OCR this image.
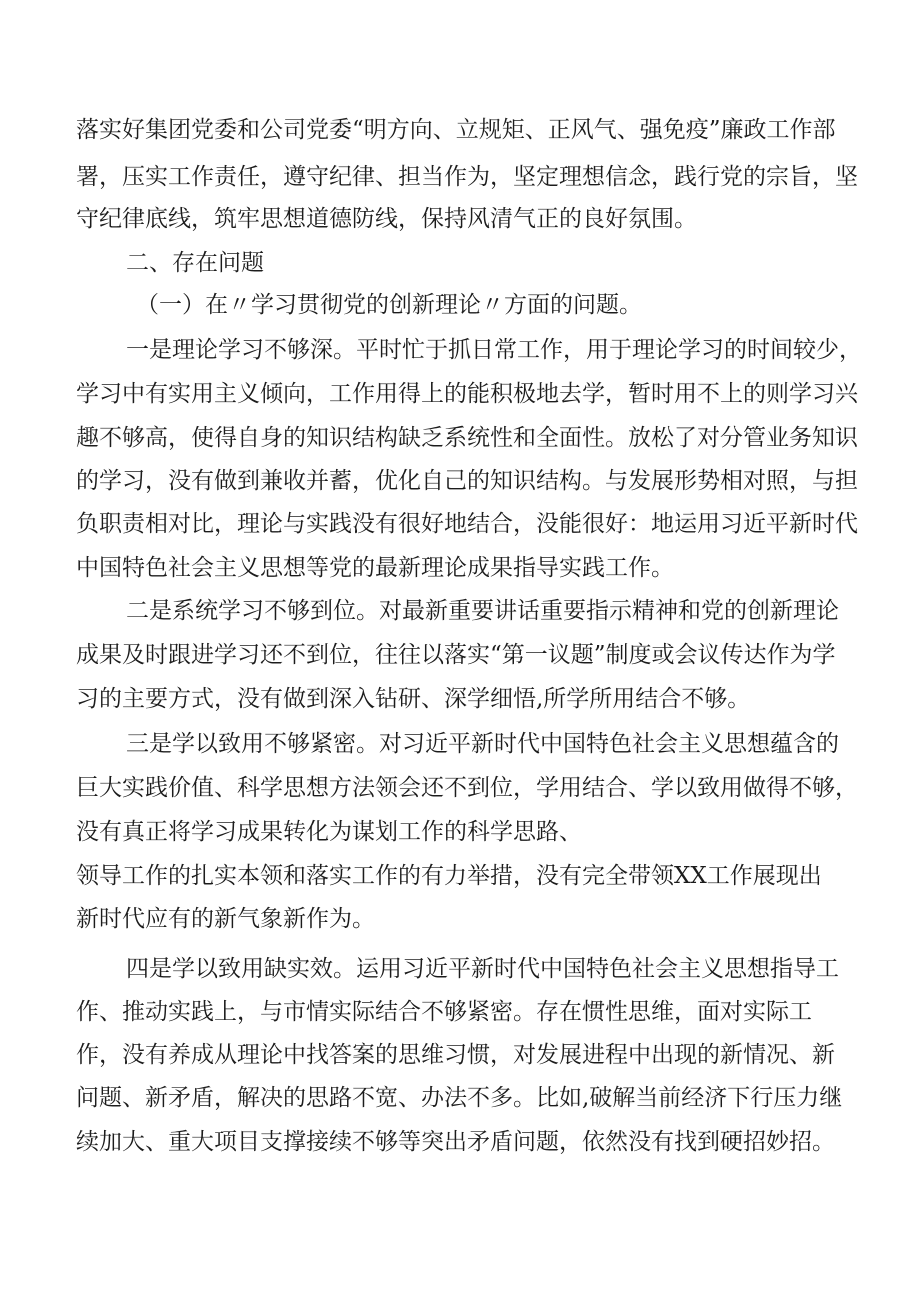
落实好集团党委和公司党委“明方向、立规矩、正风气、强免疫”廉政工作部

署，压实工作责任，遵守纪律、担当作为，坚定理想信念，践行党的宗旨，坚

守纪律底线，筑牢思想道德防线，保持风清气正的良好氛围。

二、存在问题

（一）在〃学习贯彻党的创新理论〃方面的问题。

一是理论学习不够深。平时忙于抓日常工作，用于理论学习的时间较少，

学习中有实用主义倾向，工作用得上的能积极地去学，暂时用不上的则学习兴

趣不够高，使得自身的知识结构缺乏系统性和全面性。放松了对分管业务知识

的学习，没有做到兼收并蓄，优化自己的知识结构。与发展形势相对照，与担

负职责相对比，理论与实践没有很好地结合，没能很好：地运用习近平新时代

中国特色社会主义思想等党的最新理论成果指导实践工作。

二是系统学习不够到位。对最新重要讲话重要指示精神和党的创新理论

成果及时跟进学习还不到位，往往以落实“第一议题”制度或会议传达作为学

习的主要方式，没有做到深入钻研、深学细悟,所学所用结合不够。

三是学以致用不够紧密。对习近平新时代中国特色社会主义思想蕴含的

巨大实践价值、科学思想方法领会还不到位，学用结合、学以致用做得不够，

没有真正将学习成果转化为谋划工作的科学思路、

领导工作的扎实本领和落实工作的有力举措，没有完全带领XX工作展现出

新时代应有的新气象新作为。

四是学以致用缺实效。运用习近平新时代中国特色社会主义思想指导工

作、推动实践上，与市情实际结合不够紧密。存在惯性思维，面对实际工

作，没有养成从理论中找答案的思维习惯，对发展进程中出现的新情况、新

问题、新矛盾，解决的思路不宽、办法不多。比如,破解当前经济下行压力继

续加大、重大项目支撑接续不够等突出矛盾问题，依然没有找到硬招妙招。
